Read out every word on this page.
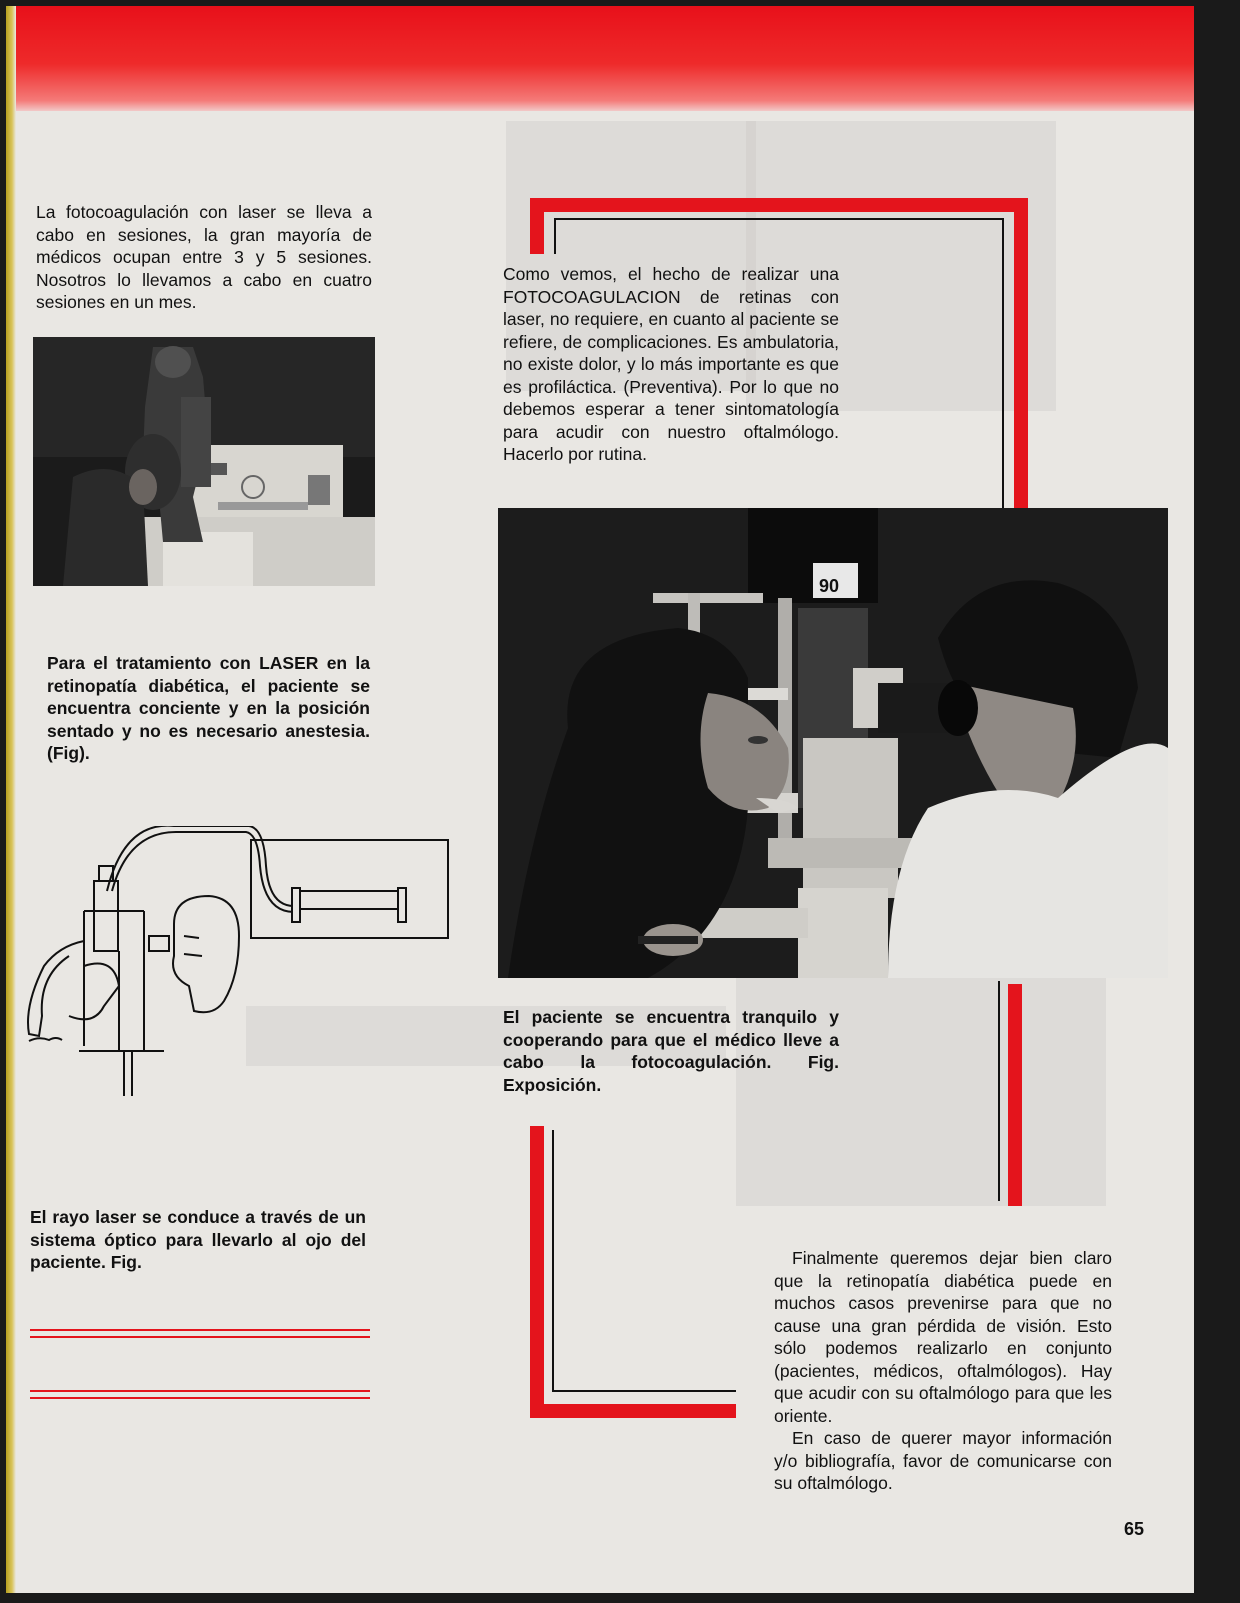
La fotocoagulación con laser se lleva a cabo en sesiones, la gran mayoría de médicos ocupan entre 3 y 5 sesiones. Nosotros lo llevamos a cabo en cuatro sesiones en un mes.

Como vemos, el hecho de realizar una FOTOCOAGULACION de retinas con laser, no requiere, en cuanto al paciente se refiere, de complicaciones. Es ambulatoria, no existe dolor, y lo más importante es que es profiláctica. (Preventiva). Por lo que no debemos esperar a tener sintomatología para acudir con nuestro oftalmólogo. Hacerlo por rutina.

90

Para el tratamiento con LASER en la retinopatía diabética, el paciente se encuentra conciente y en la posición sentado y no es necesario anestesia. (Fig).

El paciente se encuentra tranquilo y cooperando para que el médico lleve a cabo la fotocoagulación. Fig. Exposición.

El rayo laser se conduce a través de un sistema óptico para llevarlo al ojo del paciente. Fig.	Finalmente queremos dejar bien claro que la retinopatía diabética puede en muchos casos prevenirse para que no cause una gran pérdida de visión. Esto sólo podemos realizarlo en conjunto (pacientes, médicos, oftalmólogos). Hay que acudir con su oftalmólogo para que les oriente.

En caso de querer mayor información y/o bibliografía, favor de comunicarse con su oftalmólogo.

65
